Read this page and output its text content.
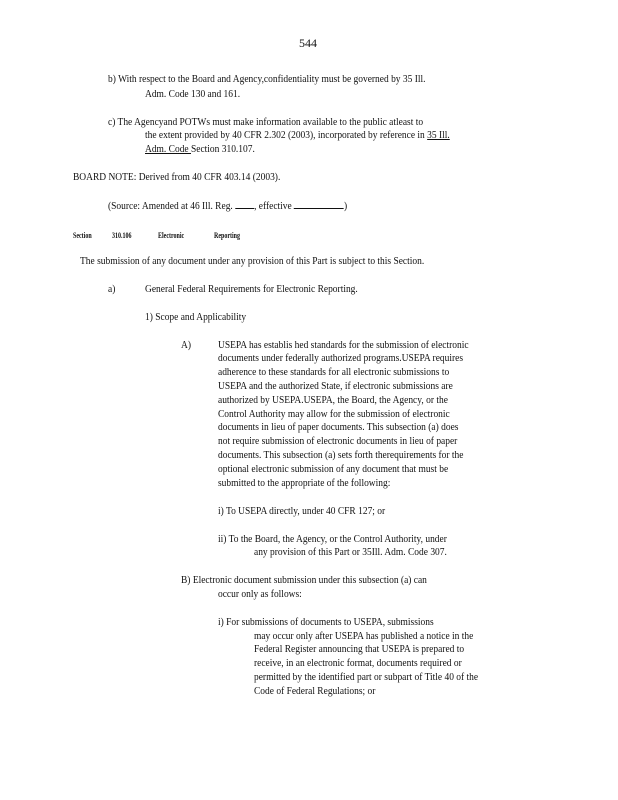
544
b) With respect to the Board and Agency,confidentiality must be governed by 35 Ill.
Adm. Code 130 and 161.
c) The Agencyand POTWs must make information available to the public atleast to
the extent provided by 40 CFR 2.302 (2003), incorporated by reference in 35 Ill.
Adm. Code Section 310.107.
BOARD NOTE: Derived from 40 CFR 403.14 (2003).
(Source: Amended at 46 Ill. Reg. , effective	)
Section	310.106	Electronic	Reporting
The submission of any document under any provision of this Part is subject to this Section.
a)	General Federal Requirements for Electronic Reporting.
1) Scope and Applicability
A) USEPA has establis hed standards for the submission of electronic
documents under federally authorized programs.USEPA requires
adherence to these standards for all electronic submissions to
USEPA and the authorized State, if electronic submissions are
authorized by USEPA.USEPA, the Board, the Agency, or the
Control Authority may allow for the submission of electronic
documents in lieu of paper documents. This subsection (a) does
not require submission of electronic documents in lieu of paper
documents. This subsection (a) sets forth therequirements for the
optional electronic submission of any document that must be
submitted to the appropriate of the following:
i) To USEPA directly, under 40 CFR 127; or
ii) To the Board, the Agency, or the Control Authority, under
any provision of this Part or 35Ill. Adm. Code 307.
B) Electronic document submission under this subsection (a) can
occur only as follows:
i) For submissions of documents to USEPA, submissions
may occur only after USEPA has published a notice in the
Federal Register announcing that USEPA is prepared to
receive, in an electronic format, documents required or
permitted by the identified part or subpart of Title 40 of the
Code of Federal Regulations; or
